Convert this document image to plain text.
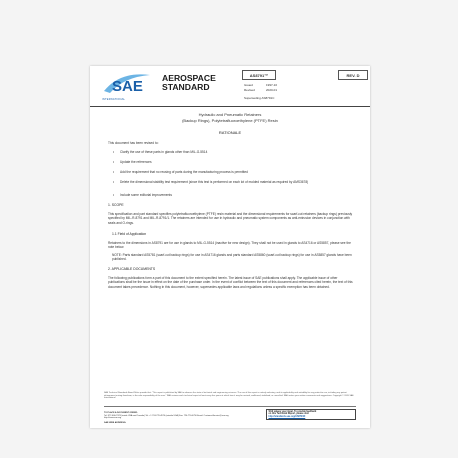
SAE
INTERNATIONAL
AEROSPACE
STANDARD
AS8791™	REV. D
Issued	1997-10
Revised	2020-01
Superseding AS8791C
Hydraulic and Pneumatic Retainers
(Backup Rings), Polytetrafluoroethylene (PTFE) Resin
RATIONALE
This document has been revised to:
• Clarify the use of these parts in glands other than MIL-G-5514
• Update the references
• Add the requirement that no reusing of parts during the manufacturing process is permitted
• Delete the dimensional stability test requirement (since this test is performed on each lot of molded material as required by AMS3678)
• Include some editorial improvements
1. SCOPE
This specification and part standard specifies polytetrafluoroethylene (PTFE) resin material and the dimensional requirements for scarf-cut retainers (backup rings) previously specified by MIL-R-8791 and MIL-R-8791/1. The retainers are intended for use in hydraulic and pneumatic system components as anti-extrusion devices in conjunction with seals and O-rings.
1.1 Field of Application
Retainers to the dimensions in AS8791 are for use in glands to MIL-G-5514 (inactive for new design). They shall not be used in glands to AS4716 or AS5857, please see the note below.
NOTE: Parts standard AS5781 (scarf-cut backup rings) for use in AS4716 glands and parts standard AS5860 (scarf-cut backup rings) for use in AS5857 glands have been published.
2. APPLICABLE DOCUMENTS
The following publications form a part of this document to the extent specified herein. The latest issue of SAE publications shall apply. The applicable issue of other publications shall be the issue in effect on the date of the purchase order. In the event of conflict between the text of this document and references cited herein, the text of this document takes precedence. Nothing in this document, however, supersedes applicable laws and regulations unless a specific exemption has been obtained.
SAE Technical Standards Board Rules provide that: "This report is published by SAE to advance the state of technical and engineering sciences. The use of this report is entirely voluntary, and its applicability and suitability for any particular use, including any patent infringement arising therefrom, is the sole responsibility of the user." SAE reviews each technical report at least every five years at which time it may be revised, reaffirmed, stabilized, or cancelled. SAE invites your written comments and suggestions. Copyright © 2020 SAE International
TO PLACE A DOCUMENT ORDER:
Tel: 877-606-7323 (inside USA and Canada) Tel: +1 724-776-4970 (outside USA) Fax: 724-776-0790 Email: CustomerService@sae.org http://www.sae.org
SAE values your input. To provide feedback
on this Technical Report, please visit
http://standards.sae.org/AS8791D
SAE WEB ADDRESS:
